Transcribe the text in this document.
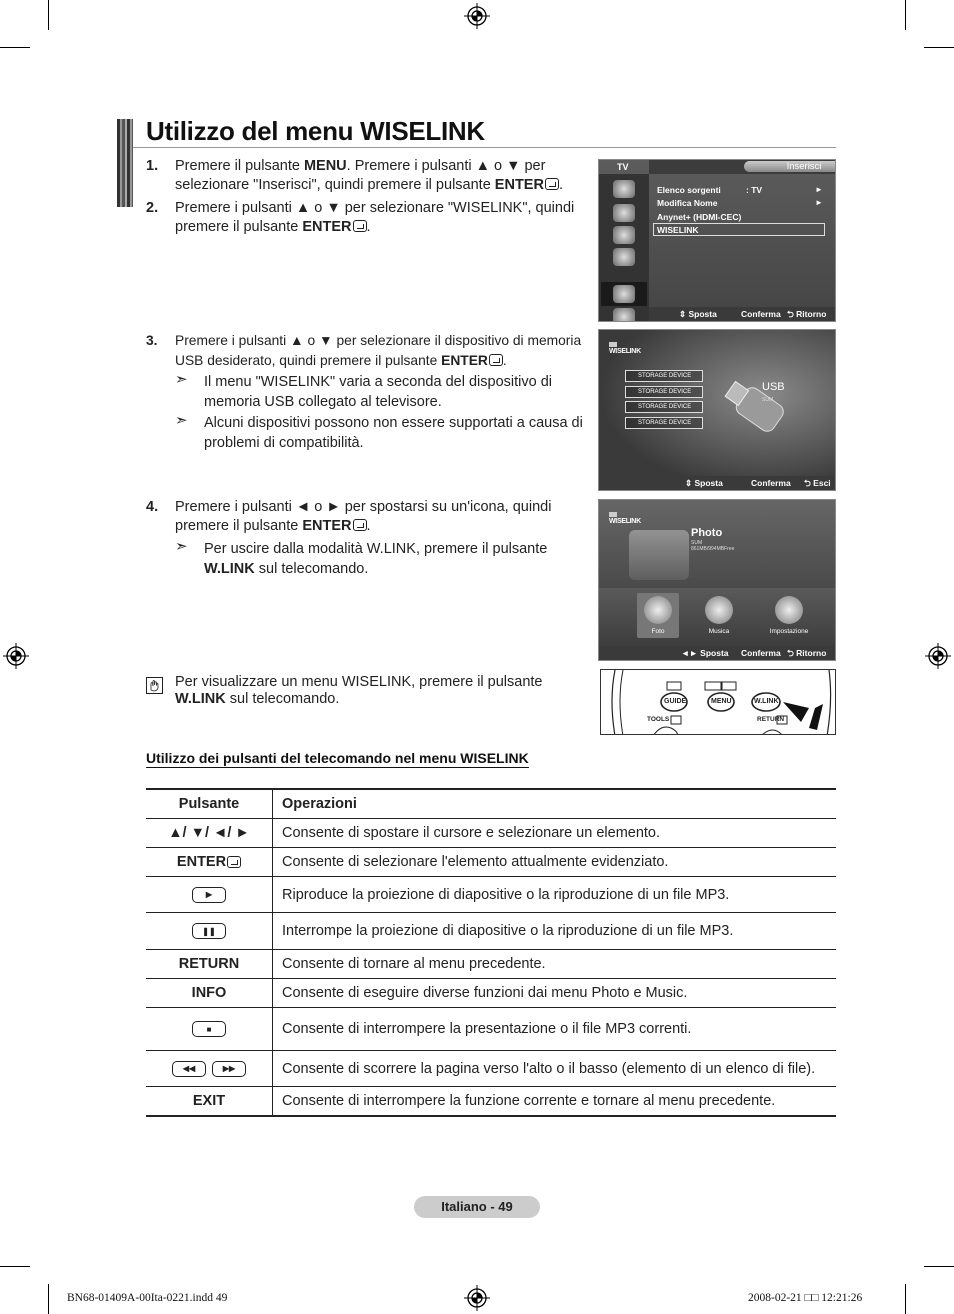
Utilizzo del menu WISELINK
1. Premere il pulsante MENU. Premere i pulsanti ▲ o ▼ per
selezionare "Inserisci", quindi premere il pulsante ENTER .
2. Premere i pulsanti ▲ o ▼ per selezionare "WISELINK", quindi
premere il pulsante ENTER .
3. Premere i pulsanti ▲ o ▼ per selezionare il dispositivo di memoria
USB desiderato, quindi premere il pulsante ENTER .
➣ Il menu "WISELINK" varia a seconda del dispositivo di
memoria USB collegato al televisore.
➣ Alcuni dispositivi possono non essere supportati a causa di
problemi di compatibilità.
4. Premere i pulsanti ◄ o ► per spostarsi su un'icona, quindi
premere il pulsante ENTER .
➣ Per uscire dalla modalità W.LINK, premere il pulsante
W.LINK sul telecomando.
Per visualizzare un menu WISELINK, premere il pulsante
W.LINK sul telecomando.
Inserisci
TV
Elenco sorgenti	: TV	►
Modifica Nome	►
Anynet+ (HDMI-CEC)
WISELINK
⇕ Sposta	Conferma ⮌ Ritorno
WISELINK
STORAGE DEVICE
STORAGE DEVICE
STORAGE DEVICE
STORAGE DEVICE
USB
SUM
⇕ Sposta	Conferma ⮌ Esci
WISELINK
Photo
SUM
861MB/994MBFree
Foto	Musica	Impostazione
◄► Sposta Conferma ⮌ Ritorno
GUIDE	MENU	W.LINK
TOOLS	RETURN
Utilizzo dei pulsanti del telecomando nel menu WISELINK
Pulsante	Operazioni
▲/ ▼/ ◄/ ►	Consente di spostare il cursore e selezionare un elemento.
ENTER	Consente di selezionare l'elemento attualmente evidenziato.
▶	Riproduce la proiezione di diapositive o la riproduzione di un file MP3.
❚❚	Interrompe la proiezione di diapositive o la riproduzione di un file MP3.
RETURN	Consente di tornare al menu precedente.
INFO	Consente di eseguire diverse funzioni dai menu Photo e Music.
■	Consente di interrompere la presentazione o il file MP3 correnti.
◀◀	▶▶	Consente di scorrere la pagina verso l'alto o il basso (elemento di un elenco di file).
EXIT	Consente di interrompere la funzione corrente e tornare al menu precedente.
Italiano - 49
BN68-01409A-00Ita-0221.indd 49	2008-02-21 □□ 12:21:26
